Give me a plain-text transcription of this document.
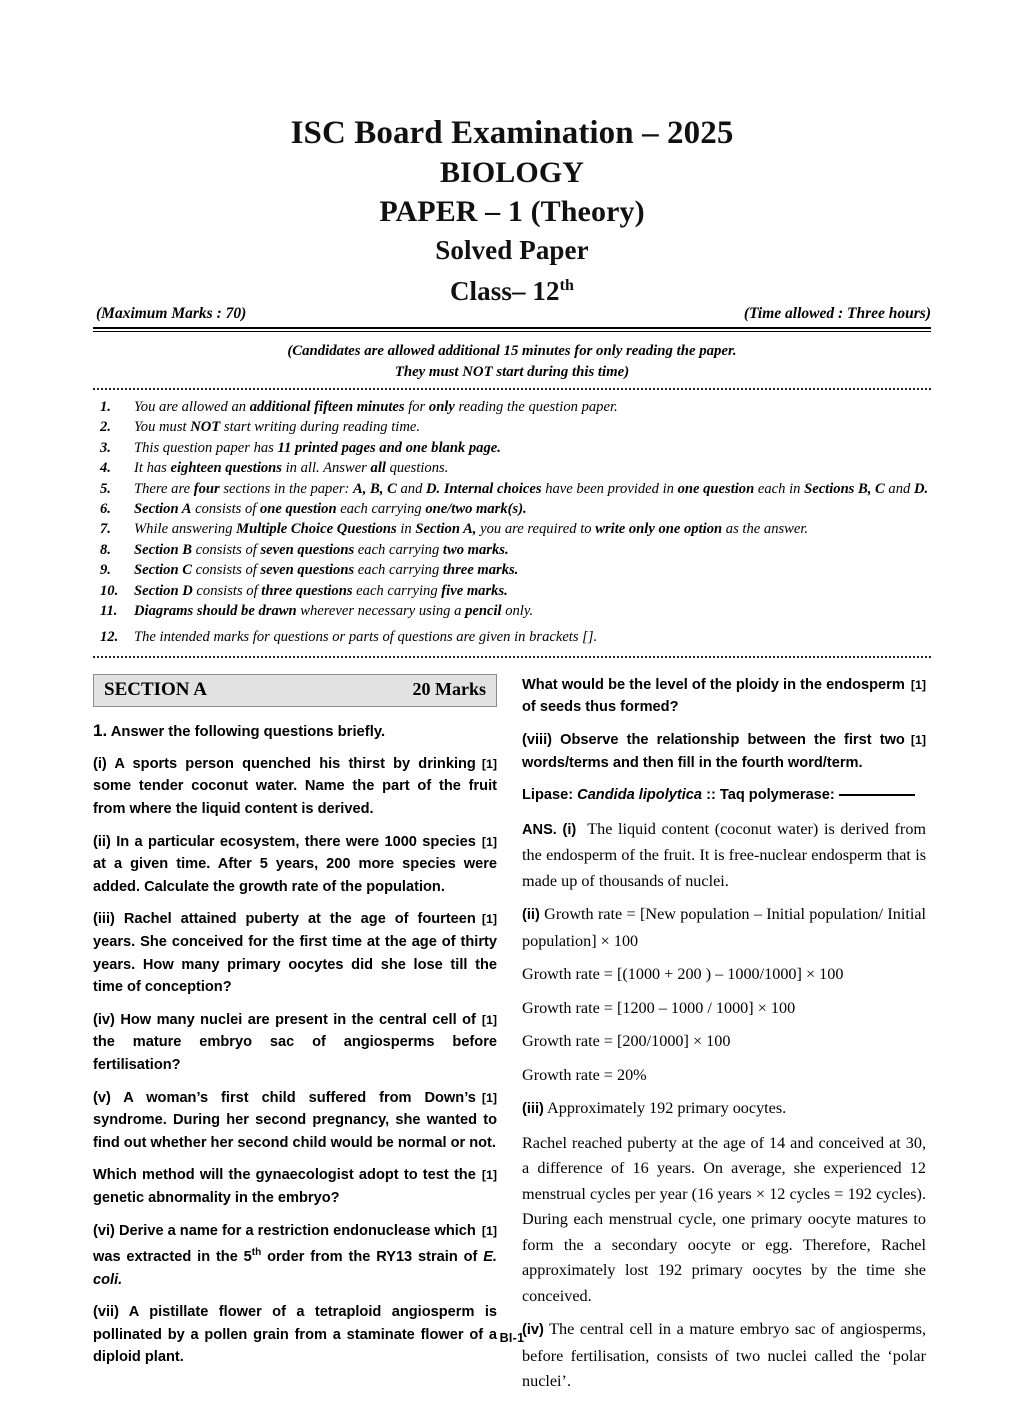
ISC Board Examination – 2025
BIOLOGY
PAPER – 1 (Theory)
Solved Paper
Class– 12th
(Maximum Marks : 70)	(Time allowed : Three hours)
(Candidates are allowed additional 15 minutes for only reading the paper.
They must NOT start during this time)
1.	You are allowed an additional fifteen minutes for only reading the question paper.
2.	You must NOT start writing during reading time.
3.	This question paper has 11 printed pages and one blank page.
4.	It has eighteen questions in all. Answer all questions.
5.	There are four sections in the paper: A, B, C and D. Internal choices have been provided in one question each in Sections B, C and D.
6.	Section A consists of one question each carrying one/two mark(s).
7.	While answering Multiple Choice Questions in Section A, you are required to write only one option as the answer.
8.	Section B consists of seven questions each carrying two marks.
9.	Section C consists of seven questions each carrying three marks.
10.	Section D consists of three questions each carrying five marks.
11.	Diagrams should be drawn wherever necessary using a pencil only.
12.	The intended marks for questions or parts of questions are given in brackets [].
SECTION A	20 Marks
1. Answer the following questions briefly.
[1]
(i) A sports person quenched his thirst by drinking some tender coconut water. Name the part of the fruit from where the liquid content is derived.
[1]
(ii) In a particular ecosystem, there were 1000 species at a given time. After 5 years, 200 more species were added. Calculate the growth rate of the population.
[1]
(iii) Rachel attained puberty at the age of fourteen years. She conceived for the first time at the age of thirty years. How many primary oocytes did she lose till the time of conception?
[1]
(iv) How many nuclei are present in the central cell of the mature embryo sac of angiosperms before fertilisation?
[1]
(v) A woman’s first child suffered from Down’s syndrome. During her second pregnancy, she wanted to find out whether her second child would be normal or not.
[1]
Which method will the gynaecologist adopt to test the genetic abnormality in the embryo?
[1]
(vi) Derive a name for a restriction endonuclease which was extracted in the 5th order from the RY13 strain of E. coli.
(vii) A pistillate flower of a tetraploid angiosperm is pollinated by a pollen grain from a staminate flower of a diploid plant.
[1]
What would be the level of the ploidy in the endosperm of seeds thus formed?
[1]
(viii) Observe the relationship between the first two words/terms and then fill in the fourth word/term.
Lipase: Candida lipolytica :: Taq polymerase:
ANS. (i)  The liquid content (coconut water) is derived from the endosperm of the fruit. It is free-nuclear endosperm that is made up of thousands of nuclei.
(ii) Growth rate = [New population – Initial population/ Initial population] × 100
Growth rate = [(1000 + 200 ) – 1000/1000] × 100
Growth rate = [1200 – 1000 / 1000] × 100
Growth rate = [200/1000] × 100
Growth rate = 20%
(iii) Approximately 192 primary oocytes.
Rachel reached puberty at the age of 14 and conceived at 30, a difference of 16 years. On average, she experienced 12 menstrual cycles per year (16 years × 12 cycles = 192 cycles). During each menstrual cycle, one primary oocyte matures to form the a secondary oocyte or egg. Therefore, Rachel approximately lost 192 primary oocytes by the time she conceived.
(iv) The central cell in a mature embryo sac of angiosperms, before fertilisation, consists of two nuclei called the ‘polar nuclei’.
BI-1
